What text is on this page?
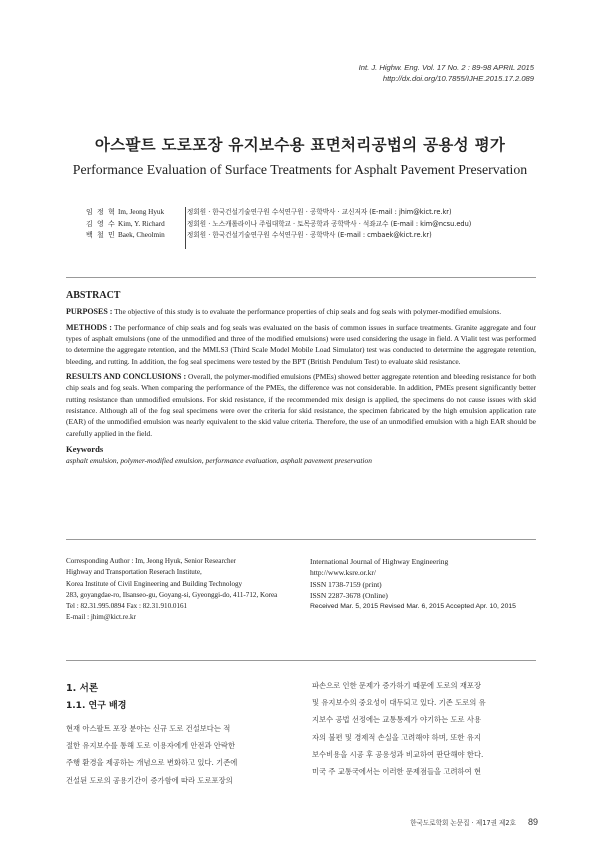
Int. J. Highw. Eng. Vol. 17 No. 2 : 89-98 APRIL 2015
http://dx.doi.org/10.7855/IJHE.2015.17.2.089
아스팔트 도로포장 유지보수용 표면처리공법의 공용성 평가
Performance Evaluation of Surface Treatments for Asphalt Pavement Preservation
임 정 혁 Im, Jeong Hyuk	정회원 · 한국건설기술연구원 수석연구원 · 공학박사 · 교신저자 (E-mail : jhim@kict.re.kr)
김 영 수 Kim, Y. Richard	정회원 · 노스캐롤라이나 주립대학교 · 토목공학과 공학박사 · 석좌교수 (E-mail : kim@ncsu.edu)
백 철 민 Baek, Cheolmin	정회원 · 한국건설기술연구원 수석연구원 · 공학박사 (E-mail : cmbaek@kict.re.kr)
ABSTRACT

PURPOSES : The objective of this study is to evaluate the performance properties of chip seals and fog seals with polymer-modified emulsions.

METHODS : The performance of chip seals and fog seals was evaluated on the basis of common issues in surface treatments. Granite aggregate and four types of asphalt emulsions (one of the unmodified and three of the modified emulsions) were used considering the usage in field. A Vialit test was performed to determine the aggregate retention, and the MMLS3 (Third Scale Model Mobile Load Simulator) test was conducted to determine the aggregate retention, bleeding, and rutting. In addition, the fog seal specimens were tested by the BPT (British Pendulum Test) to evaluate skid resistance.

RESULTS AND CONCLUSIONS : Overall, the polymer-modified emulsions (PMEs) showed better aggregate retention and bleeding resistance for both chip seals and fog seals. When comparing the performance of the PMEs, the difference was not considerable. In addition, PMEs present significantly better rutting resistance than unmodified emulsions. For skid resistance, if the recommended mix design is applied, the specimens do not cause issues with skid resistance. Although all of the fog seal specimens were over the criteria for skid resistance, the specimen fabricated by the high emulsion application rate (EAR) of the unmodified emulsion was nearly equivalent to the skid value criteria. Therefore, the use of an unmodified emulsion with a high EAR should be carefully applied in the field.

Keywords
asphalt emulsion, polymer-modified emulsion, performance evaluation, asphalt pavement preservation
Corresponding Author : Im, Jeong Hyuk, Senior Researcher
Highway and Transportation Reserach Institute,
Korea Institute of Civil Engineering and Building Technology
283, goyangdae-ro, Ilsanseo-gu, Goyang-si, Gyeonggi-do, 411-712, Korea
Tel : 82.31.995.0894 Fax : 82.31.910.0161
E-mail : jhim@kict.re.kr
International Journal of Highway Engineering
http://www.ksre.or.kr/
ISSN 1738-7159 (print)
ISSN 2287-3678 (Online)
Received Mar. 5, 2015 Revised Mar. 6, 2015 Accepted Apr. 10, 2015
1. 서론
1.1. 연구 배경
현재 아스팔트 포장 분야는 신규 도로 건설보다는 적
절한 유지보수를 통해 도로 이용자에게 안전과 안락한
주행 환경을 제공하는 개념으로 변화하고 있다. 기존에
건설된 도로의 공용기간이 증가함에 따라 도로포장의
파손으로 인한 문제가 증가하기 때문에 도로의 재포장
및 유지보수의 중요성이 대두되고 있다. 기존 도로의 유
지보수 공법 선정에는 교통통제가 야기하는 도로 사용
자의 불편 및 경제적 손실을 고려해야 하며, 또한 유지
보수비용을 시공 후 공용성과 비교하여 판단해야 한다.
미국 주 교통국에서는 이러한 문제점들을 고려하여 현
한국도로학회 논문집 · 제17권 제2호 89
